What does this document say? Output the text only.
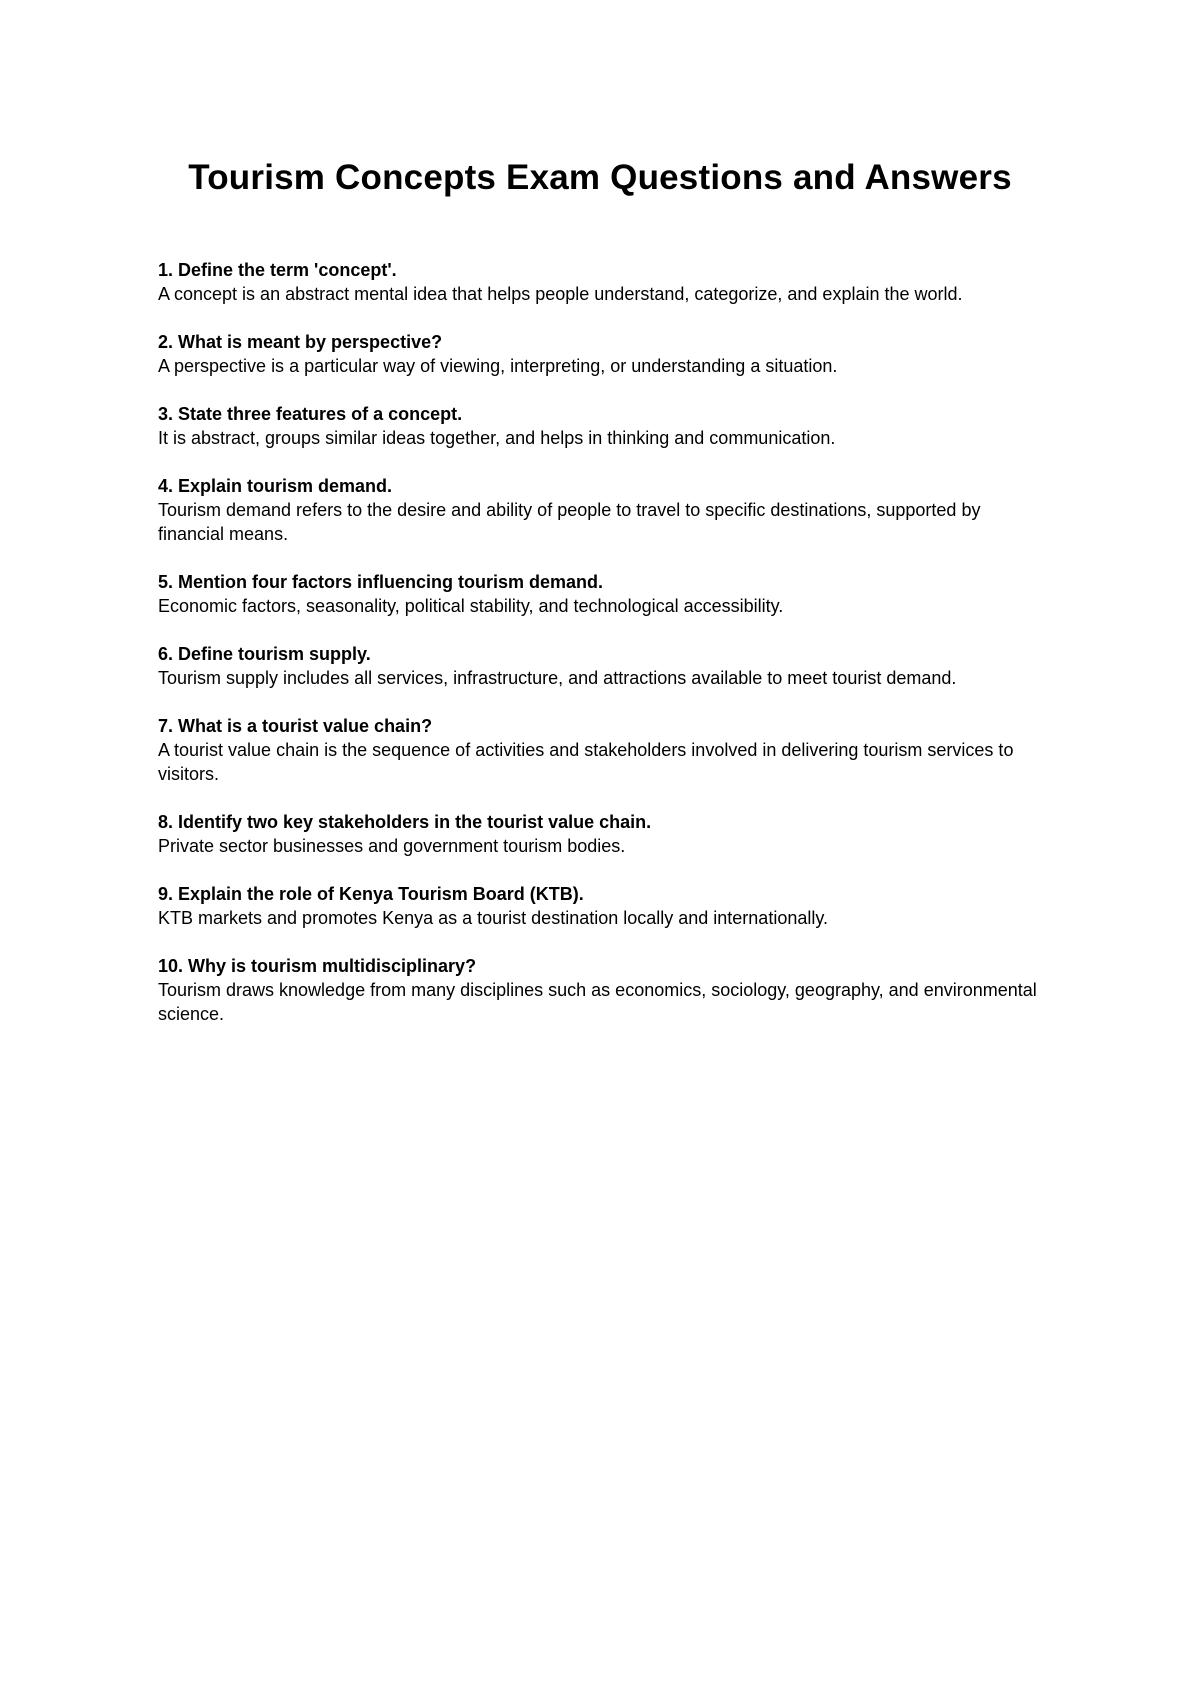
Tourism Concepts Exam Questions and Answers

1. Define the term 'concept'.

A concept is an abstract mental idea that helps people understand, categorize, and explain the world.

2. What is meant by perspective?

A perspective is a particular way of viewing, interpreting, or understanding a situation.

3. State three features of a concept.

It is abstract, groups similar ideas together, and helps in thinking and communication.

4. Explain tourism demand.

Tourism demand refers to the desire and ability of people to travel to specific destinations, supported by financial means.

5. Mention four factors influencing tourism demand.

Economic factors, seasonality, political stability, and technological accessibility.

6. Define tourism supply.

Tourism supply includes all services, infrastructure, and attractions available to meet tourist demand.

7. What is a tourist value chain?

A tourist value chain is the sequence of activities and stakeholders involved in delivering tourism services to visitors.

8. Identify two key stakeholders in the tourist value chain.

Private sector businesses and government tourism bodies.

9. Explain the role of Kenya Tourism Board (KTB).

KTB markets and promotes Kenya as a tourist destination locally and internationally.

10. Why is tourism multidisciplinary?

Tourism draws knowledge from many disciplines such as economics, sociology, geography, and environmental science.
